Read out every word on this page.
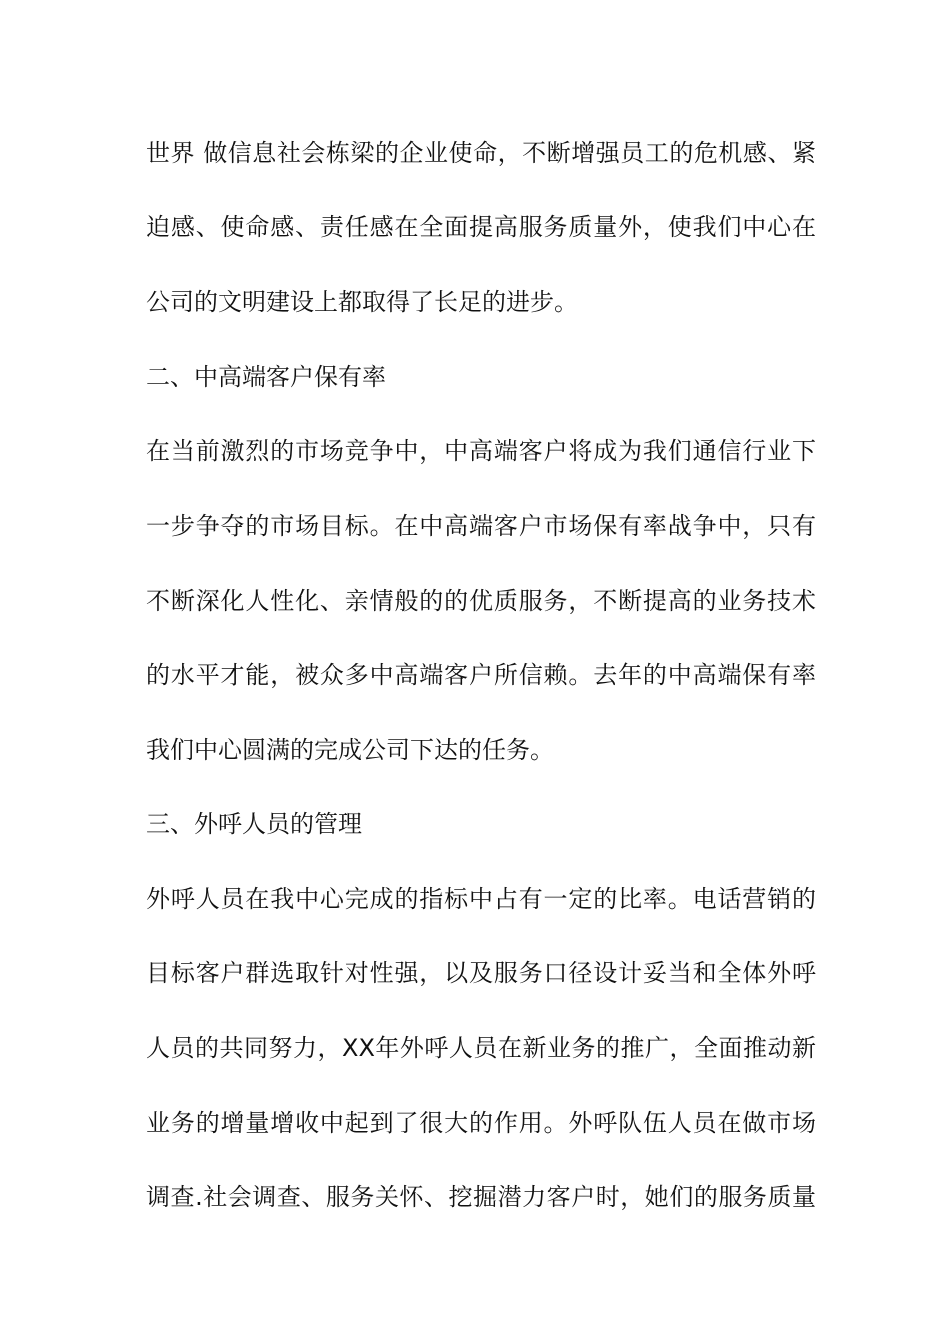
世界 做信息社会栋梁的企业使命，不断增强员工的危机感、紧
迫感、使命感、责任感在全面提高服务质量外，使我们中心在
公司的文明建设上都取得了长足的进步。
二、中高端客户保有率
在当前激烈的市场竞争中，中高端客户将成为我们通信行业下
一步争夺的市场目标。在中高端客户市场保有率战争中，只有
不断深化人性化、亲情般的的优质服务，不断提高的业务技术
的水平才能，被众多中高端客户所信赖。去年的中高端保有率
我们中心圆满的完成公司下达的任务。
三、外呼人员的管理
外呼人员在我中心完成的指标中占有一定的比率。电话营销的
目标客户群选取针对性强，以及服务口径设计妥当和全体外呼
人员的共同努力，XX年外呼人员在新业务的推广，全面推动新
业务的增量增收中起到了很大的作用。外呼队伍人员在做市场
调查.社会调查、服务关怀、挖掘潜力客户时，她们的服务质量
